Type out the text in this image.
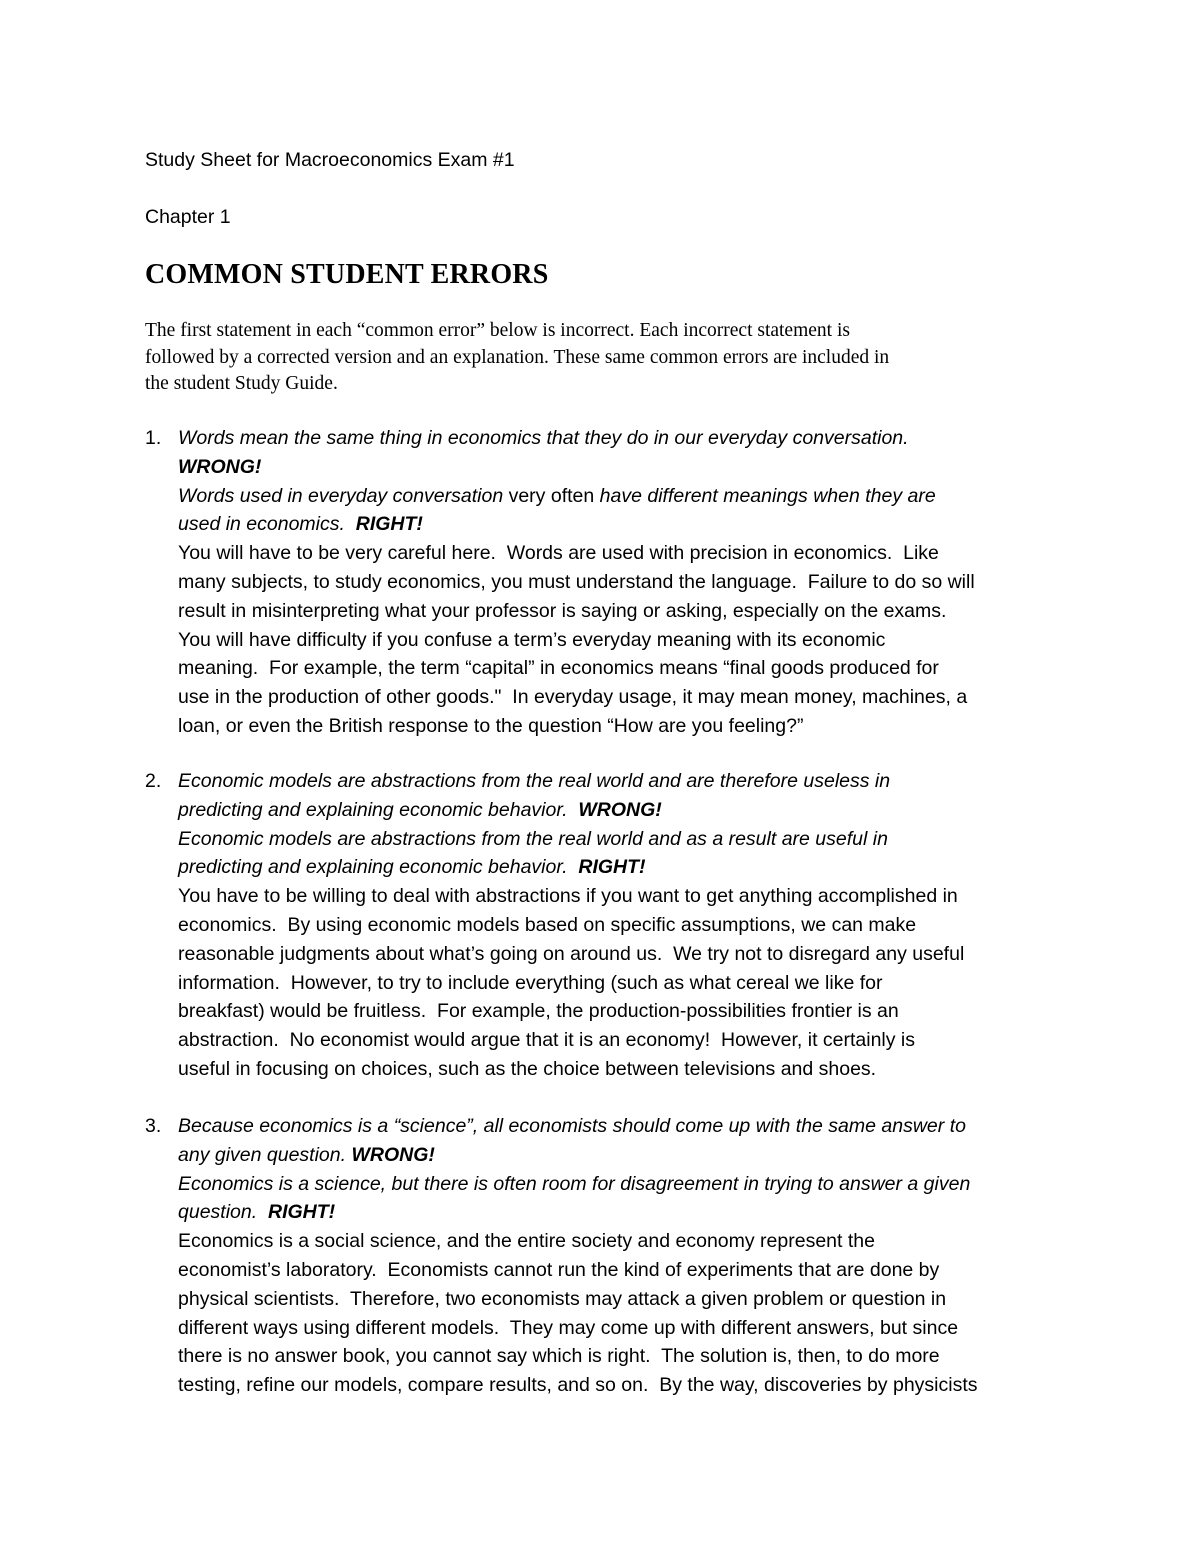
Study Sheet for Macroeconomics Exam #1
Chapter 1
COMMON STUDENT ERRORS
The first statement in each “common error” below is incorrect. Each incorrect statement is
followed by a corrected version and an explanation. These same common errors are included in
the student Study Guide.
1. Words mean the same thing in economics that they do in our everyday conversation.
WRONG!
Words used in everyday conversation very often have different meanings when they are
used in economics.  RIGHT!
You will have to be very careful here.  Words are used with precision in economics.  Like
many subjects, to study economics, you must understand the language.  Failure to do so will
result in misinterpreting what your professor is saying or asking, especially on the exams.
You will have difficulty if you confuse a term’s everyday meaning with its economic
meaning.  For example, the term “capital” in economics means “final goods produced for
use in the production of other goods."  In everyday usage, it may mean money, machines, a
loan, or even the British response to the question “How are you feeling?”
2. Economic models are abstractions from the real world and are therefore useless in
predicting and explaining economic behavior.  WRONG!
Economic models are abstractions from the real world and as a result are useful in
predicting and explaining economic behavior.  RIGHT!
You have to be willing to deal with abstractions if you want to get anything accomplished in
economics.  By using economic models based on specific assumptions, we can make
reasonable judgments about what’s going on around us.  We try not to disregard any useful
information.  However, to try to include everything (such as what cereal we like for
breakfast) would be fruitless.  For example, the production-possibilities frontier is an
abstraction.  No economist would argue that it is an economy!  However, it certainly is
useful in focusing on choices, such as the choice between televisions and shoes.
3. Because economics is a “science”, all economists should come up with the same answer to
any given question. WRONG!
Economics is a science, but there is often room for disagreement in trying to answer a given
question.  RIGHT!
Economics is a social science, and the entire society and economy represent the
economist’s laboratory.  Economists cannot run the kind of experiments that are done by
physical scientists.  Therefore, two economists may attack a given problem or question in
different ways using different models.  They may come up with different answers, but since
there is no answer book, you cannot say which is right.  The solution is, then, to do more
testing, refine our models, compare results, and so on.  By the way, discoveries by physicists
